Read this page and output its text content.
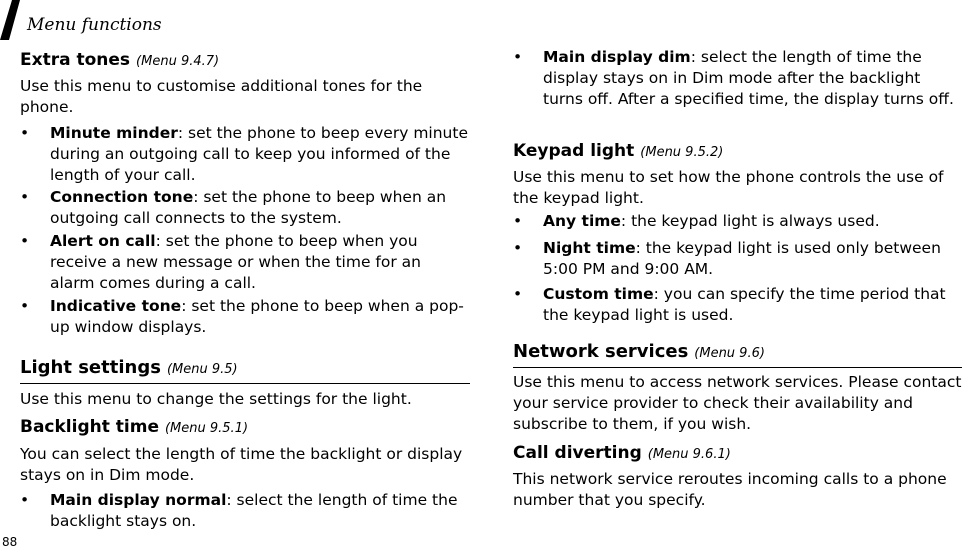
Menu functions
Extra tones (Menu 9.4.7)
Use this menu to customise additional tones for the phone.
•	Minute minder: set the phone to beep every minute during an outgoing call to keep you informed of the length of your call.
•	Connection tone: set the phone to beep when an outgoing call connects to the system.
•	Alert on call: set the phone to beep when you receive a new message or when the time for an alarm comes during a call.
•	Indicative tone: set the phone to beep when a pop-up window displays.
Light settings (Menu 9.5)
Use this menu to change the settings for the light.
Backlight time (Menu 9.5.1)
You can select the length of time the backlight or display stays on in Dim mode.
•	Main display normal: select the length of time the backlight stays on.
•	Main display dim: select the length of time the display stays on in Dim mode after the backlight turns off. After a specified time, the display turns off.
Keypad light (Menu 9.5.2)
Use this menu to set how the phone controls the use of the keypad light.
•	Any time: the keypad light is always used.
•	Night time: the keypad light is used only between 5:00 PM and 9:00 AM.
•	Custom time: you can specify the time period that the keypad light is used.
Network services (Menu 9.6)
Use this menu to access network services. Please contact your service provider to check their availability and subscribe to them, if you wish.
Call diverting (Menu 9.6.1)
This network service reroutes incoming calls to a phone number that you specify.
88
